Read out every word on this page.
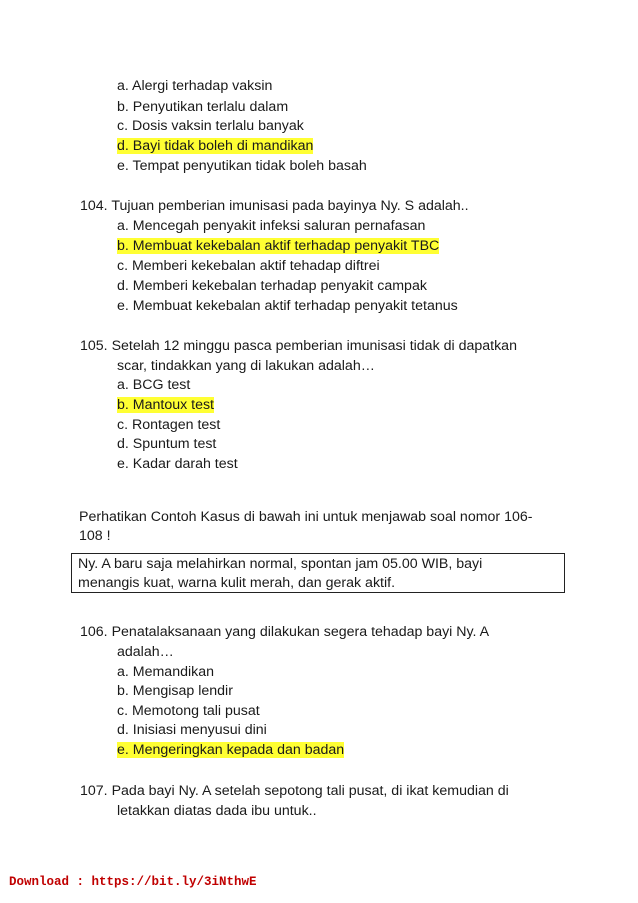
a. Alergi terhadap vaksin
b. Penyutikan terlalu dalam
c. Dosis vaksin terlalu banyak
d. Bayi tidak boleh di mandikan
e. Tempat penyutikan tidak boleh basah
104. Tujuan pemberian imunisasi pada bayinya Ny. S adalah..
a. Mencegah penyakit infeksi saluran pernafasan
b. Membuat kekebalan aktif terhadap penyakit TBC
c. Memberi kekebalan aktif tehadap diftrei
d. Memberi kekebalan terhadap penyakit campak
e. Membuat kekebalan aktif terhadap penyakit tetanus
105. Setelah 12 minggu pasca pemberian imunisasi tidak di dapatkan
scar, tindakkan yang di lakukan adalah…
a. BCG test
b. Mantoux test
c. Rontagen test
d. Spuntum test
e. Kadar darah test
Perhatikan Contoh Kasus di bawah ini untuk menjawab soal nomor 106-
108 !
Ny. A baru saja melahirkan normal, spontan jam 05.00 WIB, bayi
menangis kuat, warna kulit merah, dan gerak aktif.
106. Penatalaksanaan yang dilakukan segera tehadap bayi Ny. A
adalah…
a. Memandikan
b. Mengisap lendir
c. Memotong tali pusat
d. Inisiasi menyusui dini
e. Mengeringkan kepada dan badan
107. Pada bayi Ny. A setelah sepotong tali pusat, di ikat kemudian di
letakkan diatas dada ibu untuk..
Download : https://bit.ly/3iNthwE
